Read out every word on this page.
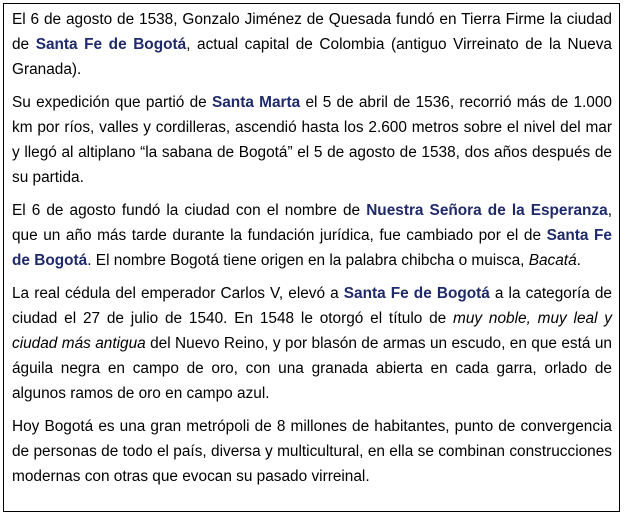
El 6 de agosto de 1538, Gonzalo Jiménez de Quesada fundó en Tierra Firme la ciudad de Santa Fe de Bogotá, actual capital de Colombia (antiguo Virreinato de la Nueva Granada).

Su expedición que partió de Santa Marta el 5 de abril de 1536, recorrió más de 1.000 km por ríos, valles y cordilleras, ascendió hasta los 2.600 metros sobre el nivel del mar y llegó al altiplano “la sabana de Bogotá” el 5 de agosto de 1538, dos años después de su partida.

El 6 de agosto fundó la ciudad con el nombre de Nuestra Señora de la Esperanza, que un año más tarde durante la fundación jurídica, fue cambiado por el de Santa Fe de Bogotá. El nombre Bogotá tiene origen en la palabra chibcha o muisca, Bacatá.

La real cédula del emperador Carlos V, elevó a Santa Fe de Bogotá a la categoría de ciudad el 27 de julio de 1540. En 1548 le otorgó el título de muy noble, muy leal y ciudad más antigua del Nuevo Reino, y por blasón de armas un escudo, en que está un águila negra en campo de oro, con una granada abierta en cada garra, orlado de algunos ramos de oro en campo azul.

Hoy Bogotá es una gran metrópoli de 8 millones de habitantes, punto de convergencia de personas de todo el país, diversa y multicultural, en ella se combinan construcciones modernas con otras que evocan su pasado virreinal.
